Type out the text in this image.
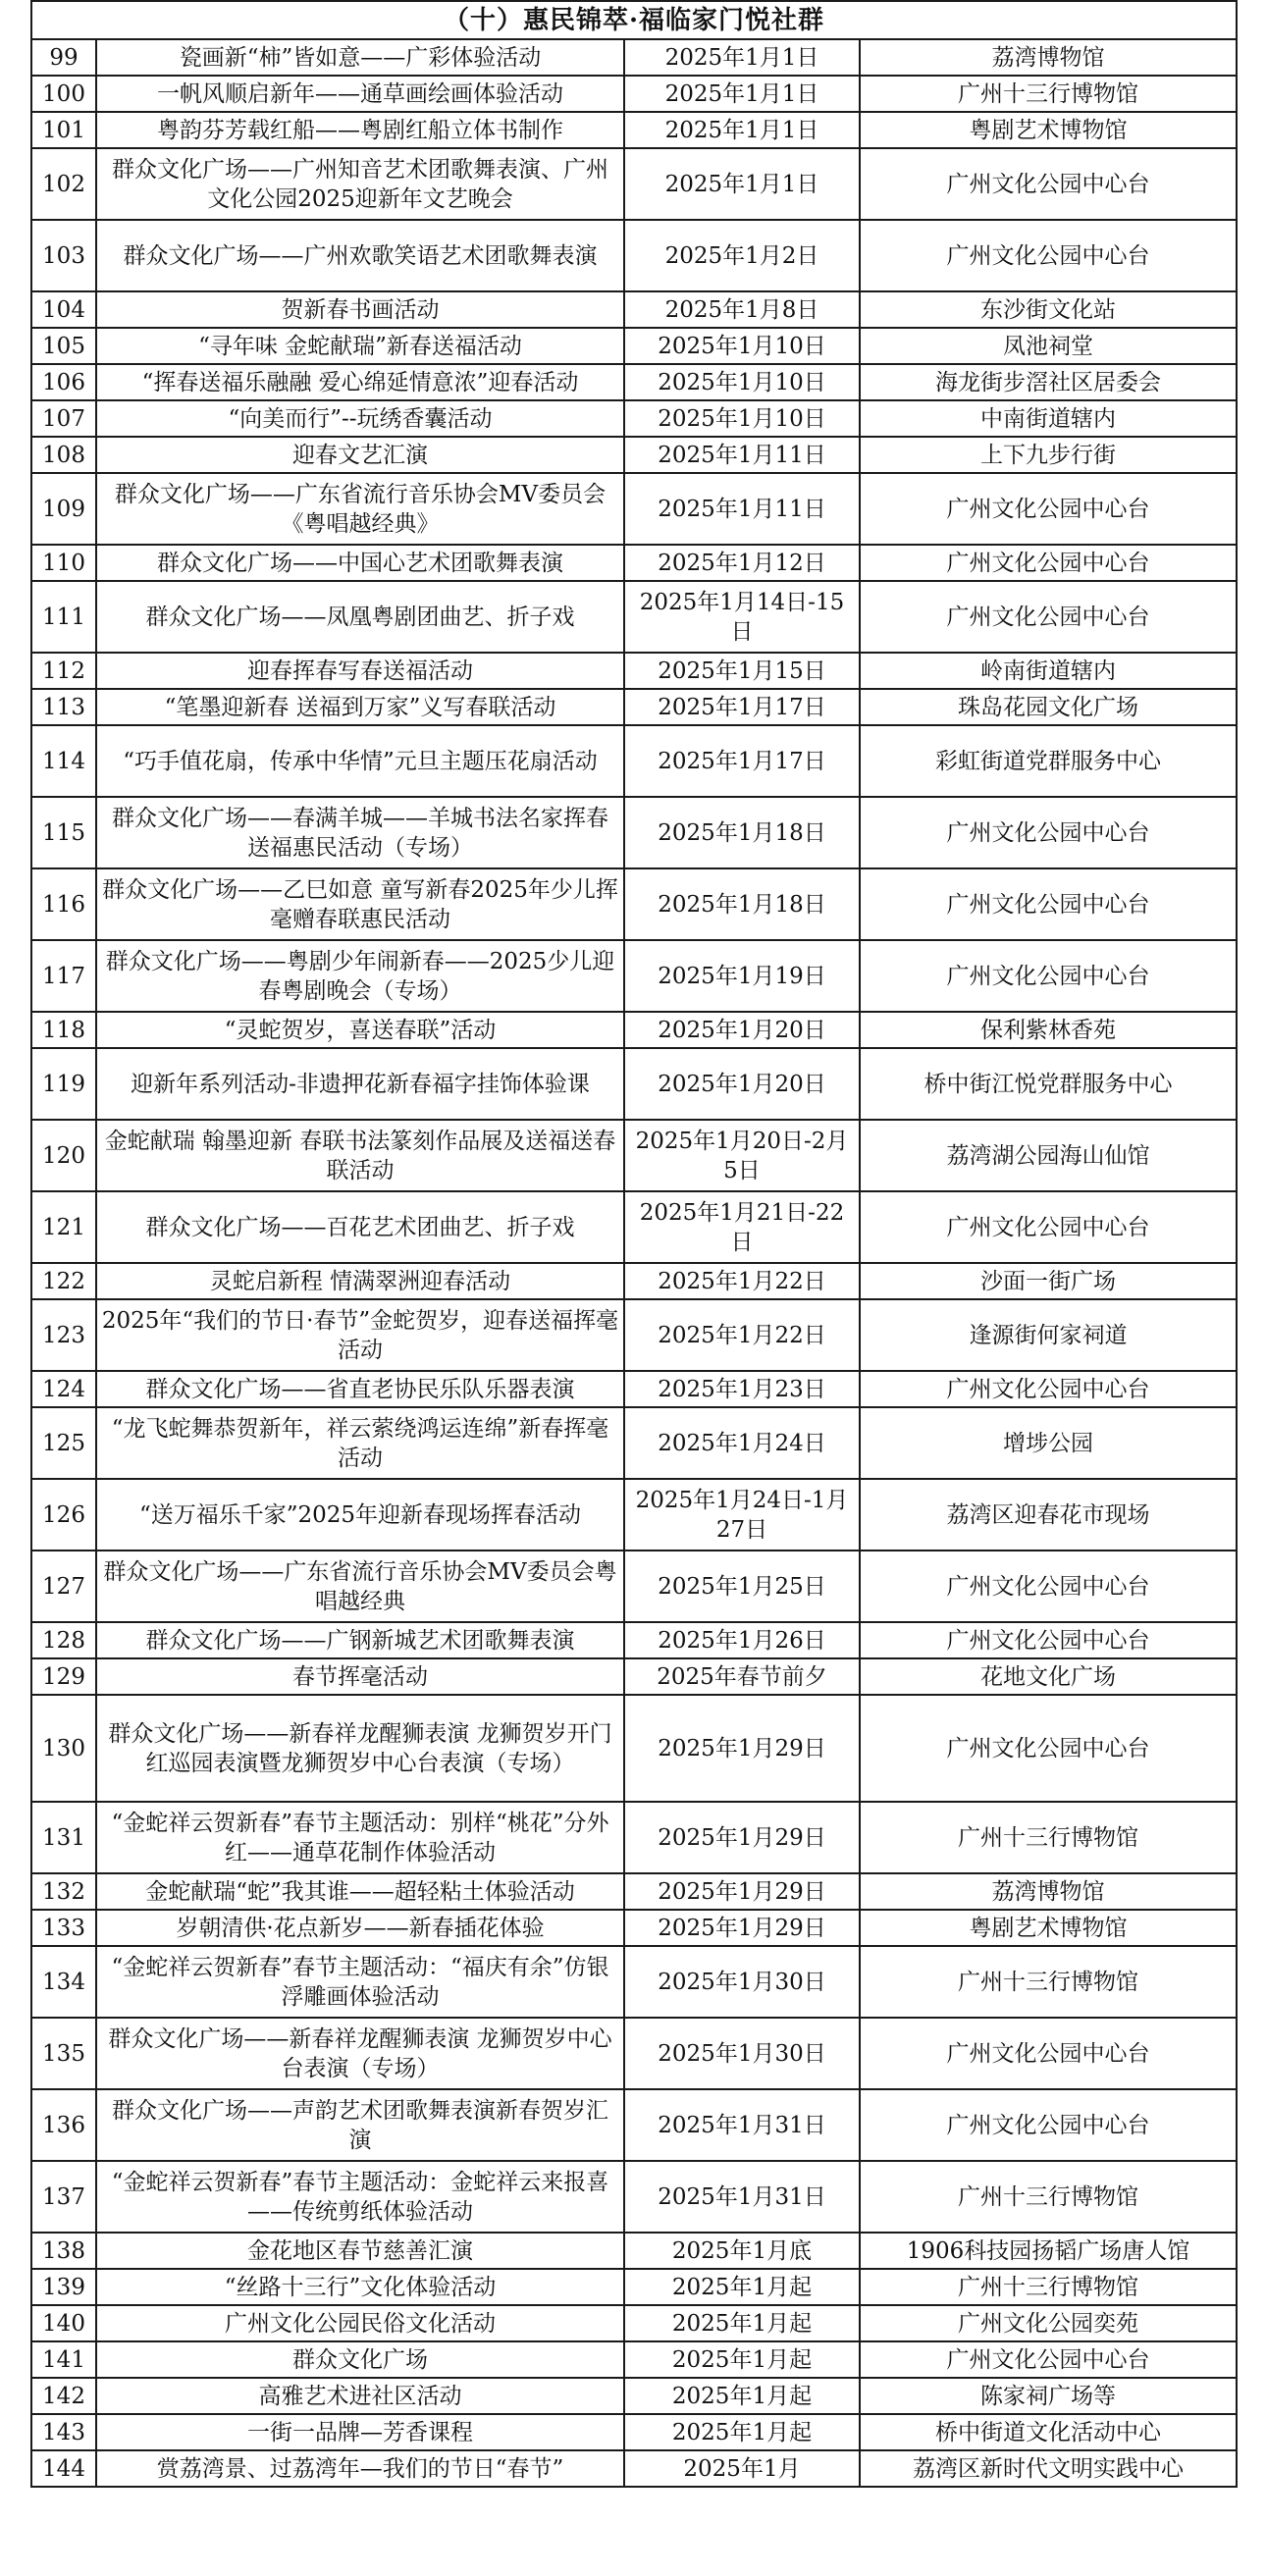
（十）惠民锦萃·福临家门悦社群			
99	瓷画新“柿”皆如意——广彩体验活动	2025年1月1日	荔湾博物馆
100	一帆风顺启新年——通草画绘画体验活动	2025年1月1日	广州十三行博物馆
101	粤韵芬芳载红船——粤剧红船立体书制作	2025年1月1日	粤剧艺术博物馆
102	群众文化广场——广州知音艺术团歌舞表演、广州文化公园2025迎新年文艺晚会	2025年1月1日	广州文化公园中心台
103	群众文化广场——广州欢歌笑语艺术团歌舞表演	2025年1月2日	广州文化公园中心台
104	贺新春书画活动	2025年1月8日	东沙街文化站
105	“寻年味 金蛇献瑞”新春送福活动	2025年1月10日	凤池祠堂
106	“挥春送福乐融融 爱心绵延情意浓”迎春活动	2025年1月10日	海龙街步滘社区居委会
107	“向美而行”--玩绣香囊活动	2025年1月10日	中南街道辖内
108	迎春文艺汇演	2025年1月11日	上下九步行街
109	群众文化广场——广东省流行音乐协会MV委员会《粤唱越经典》	2025年1月11日	广州文化公园中心台
110	群众文化广场——中国心艺术团歌舞表演	2025年1月12日	广州文化公园中心台
111	群众文化广场——凤凰粤剧团曲艺、折子戏	2025年1月14日-15日	广州文化公园中心台
112	迎春挥春写春送福活动	2025年1月15日	岭南街道辖内
113	“笔墨迎新春 送福到万家”义写春联活动	2025年1月17日	珠岛花园文化广场
114	“巧手值花扇，传承中华情”元旦主题压花扇活动	2025年1月17日	彩虹街道党群服务中心
115	群众文化广场——春满羊城——羊城书法名家挥春送福惠民活动（专场）	2025年1月18日	广州文化公园中心台
116	群众文化广场——乙巳如意 童写新春2025年少儿挥毫赠春联惠民活动	2025年1月18日	广州文化公园中心台
117	群众文化广场——粤剧少年闹新春——2025少儿迎春粤剧晚会（专场）	2025年1月19日	广州文化公园中心台
118	“灵蛇贺岁，喜送春联”活动	2025年1月20日	保利紫林香苑
119	迎新年系列活动-非遗押花新春福字挂饰体验课	2025年1月20日	桥中街江悦党群服务中心
120	金蛇献瑞 翰墨迎新 春联书法篆刻作品展及送福送春联活动	2025年1月20日-2月5日	荔湾湖公园海山仙馆
121	群众文化广场——百花艺术团曲艺、折子戏	2025年1月21日-22日	广州文化公园中心台
122	灵蛇启新程 情满翠洲迎春活动	2025年1月22日	沙面一街广场
123	2025年“我们的节日·春节”金蛇贺岁，迎春送福挥毫活动	2025年1月22日	逢源街何家祠道
124	群众文化广场——省直老协民乐队乐器表演	2025年1月23日	广州文化公园中心台
125	“龙飞蛇舞恭贺新年，祥云萦绕鸿运连绵”新春挥毫活动	2025年1月24日	增埗公园
126	“送万福乐千家”2025年迎新春现场挥春活动	2025年1月24日-1月27日	荔湾区迎春花市现场
127	群众文化广场——广东省流行音乐协会MV委员会粤唱越经典	2025年1月25日	广州文化公园中心台
128	群众文化广场——广钢新城艺术团歌舞表演	2025年1月26日	广州文化公园中心台
129	春节挥毫活动	2025年春节前夕	花地文化广场
130	群众文化广场——新春祥龙醒狮表演 龙狮贺岁开门红巡园表演暨龙狮贺岁中心台表演（专场）	2025年1月29日	广州文化公园中心台
131	“金蛇祥云贺新春”春节主题活动：别样“桃花”分外红——通草花制作体验活动	2025年1月29日	广州十三行博物馆
132	金蛇献瑞“蛇”我其谁——超轻粘土体验活动	2025年1月29日	荔湾博物馆
133	岁朝清供·花点新岁——新春插花体验	2025年1月29日	粤剧艺术博物馆
134	“金蛇祥云贺新春”春节主题活动：“福庆有余”仿银浮雕画体验活动	2025年1月30日	广州十三行博物馆
135	群众文化广场——新春祥龙醒狮表演 龙狮贺岁中心台表演（专场）	2025年1月30日	广州文化公园中心台
136	群众文化广场——声韵艺术团歌舞表演新春贺岁汇演	2025年1月31日	广州文化公园中心台
137	“金蛇祥云贺新春”春节主题活动：金蛇祥云来报喜——传统剪纸体验活动	2025年1月31日	广州十三行博物馆
138	金花地区春节慈善汇演	2025年1月底	1906科技园扬韬广场唐人馆
139	“丝路十三行”文化体验活动	2025年1月起	广州十三行博物馆
140	广州文化公园民俗文化活动	2025年1月起	广州文化公园奕苑
141	群众文化广场	2025年1月起	广州文化公园中心台
142	高雅艺术进社区活动	2025年1月起	陈家祠广场等
143	一街一品牌—芳香课程	2025年1月起	桥中街道文化活动中心
144	赏荔湾景、过荔湾年—我们的节日“春节”	2025年1月	荔湾区新时代文明实践中心
